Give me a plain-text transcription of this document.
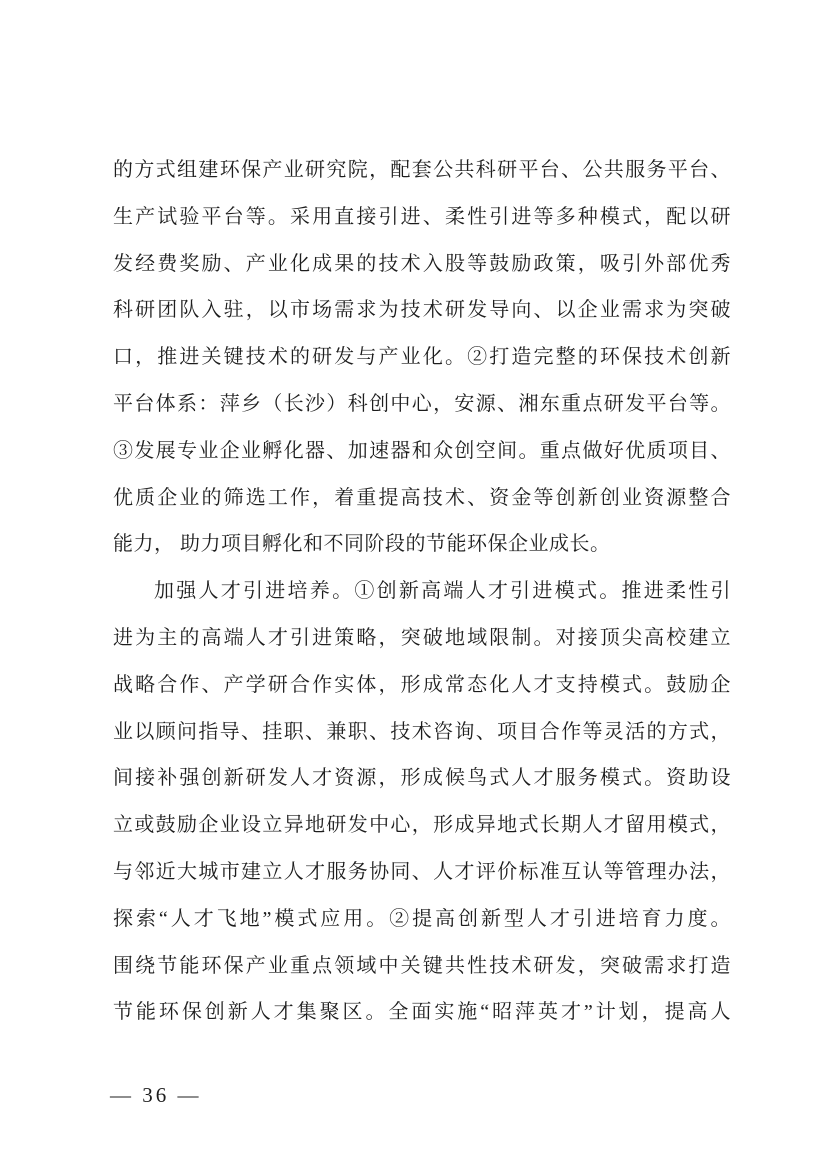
的方式组建环保产业研究院，配套公共科研平台、公共服务平台、
生产试验平台等。采用直接引进、柔性引进等多种模式，配以研
发经费奖励、产业化成果的技术入股等鼓励政策，吸引外部优秀
科研团队入驻，以市场需求为技术研发导向、以企业需求为突破
口，推进关键技术的研发与产业化。②打造完整的环保技术创新
平台体系：萍乡（长沙）科创中心，安源、湘东重点研发平台等。
③发展专业企业孵化器、加速器和众创空间。重点做好优质项目、
优质企业的筛选工作，着重提高技术、资金等创新创业资源整合
能力， 助力项目孵化和不同阶段的节能环保企业成长。
加强人才引进培养。①创新高端人才引进模式。推进柔性引
进为主的高端人才引进策略，突破地域限制。对接顶尖高校建立
战略合作、产学研合作实体，形成常态化人才支持模式。鼓励企
业以顾问指导、挂职、兼职、技术咨询、项目合作等灵活的方式，
间接补强创新研发人才资源，形成候鸟式人才服务模式。资助设
立或鼓励企业设立异地研发中心，形成异地式长期人才留用模式，
与邻近大城市建立人才服务协同、人才评价标准互认等管理办法，
探索“人才飞地”模式应用。②提高创新型人才引进培育力度。
围绕节能环保产业重点领域中关键共性技术研发，突破需求打造
节能环保创新人才集聚区。全面实施“昭萍英才”计划，提高人
— 36 —
